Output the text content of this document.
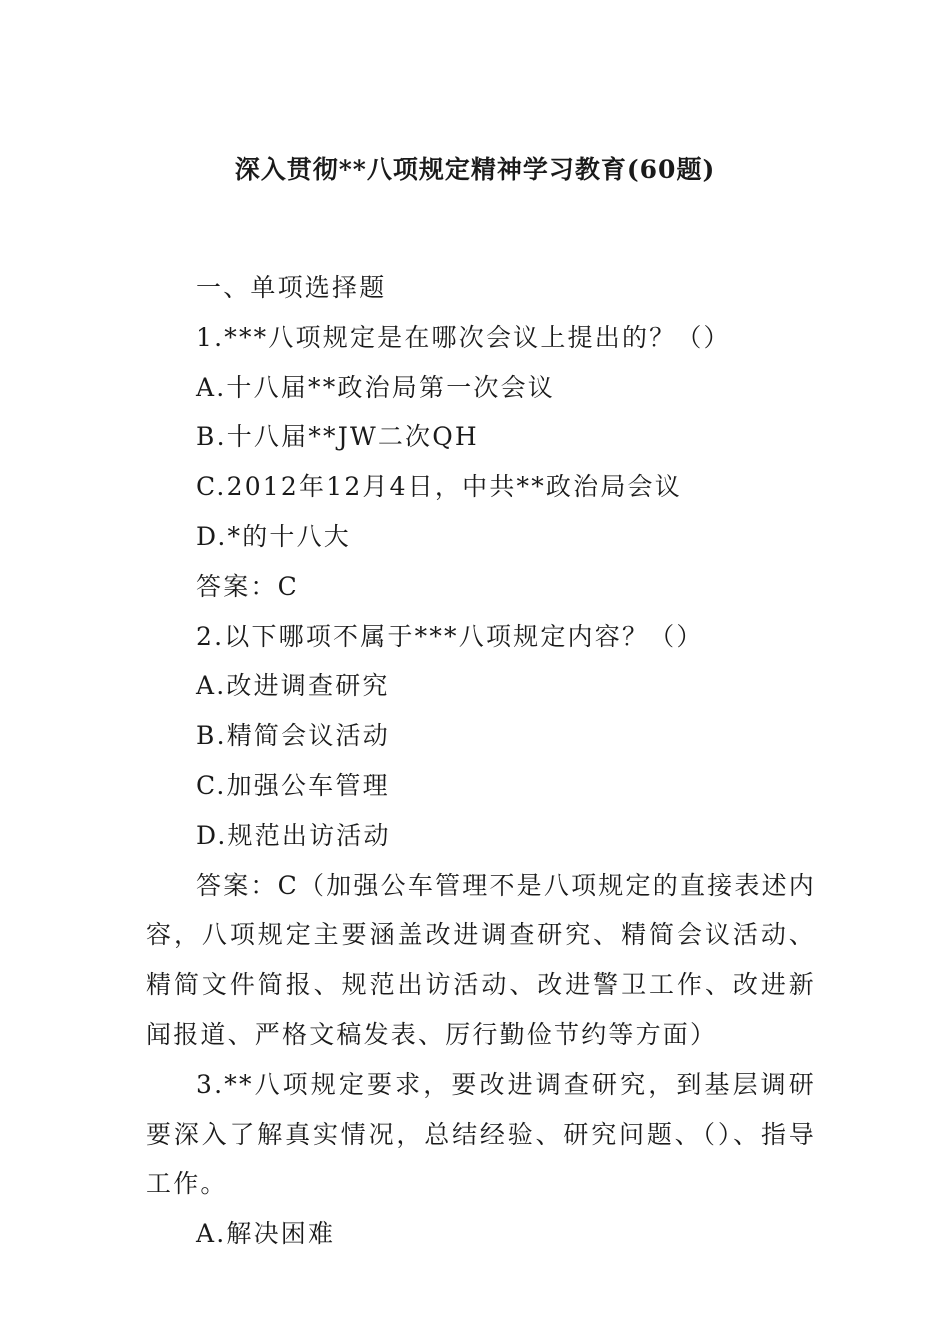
深入贯彻**八项规定精神学习教育(60题)

一、单项选择题

1.***八项规定是在哪次会议上提出的？（）

A.十八届**政治局第一次会议

B.十八届**JW二次QH

C.2012年12月4日，中共**政治局会议

D.*的十八大

答案：C

2.以下哪项不属于***八项规定内容？（）

A.改进调查研究

B.精简会议活动

C.加强公车管理

D.规范出访活动

答案：C（加强公车管理不是八项规定的直接表述内容，八项规定主要涵盖改进调查研究、精简会议活动、精简文件简报、规范出访活动、改进警卫工作、改进新闻报道、严格文稿发表、厉行勤俭节约等方面）

3.**八项规定要求，要改进调查研究，到基层调研要深入了解真实情况，总结经验、研究问题、（）、指导工作。

A.解决困难
